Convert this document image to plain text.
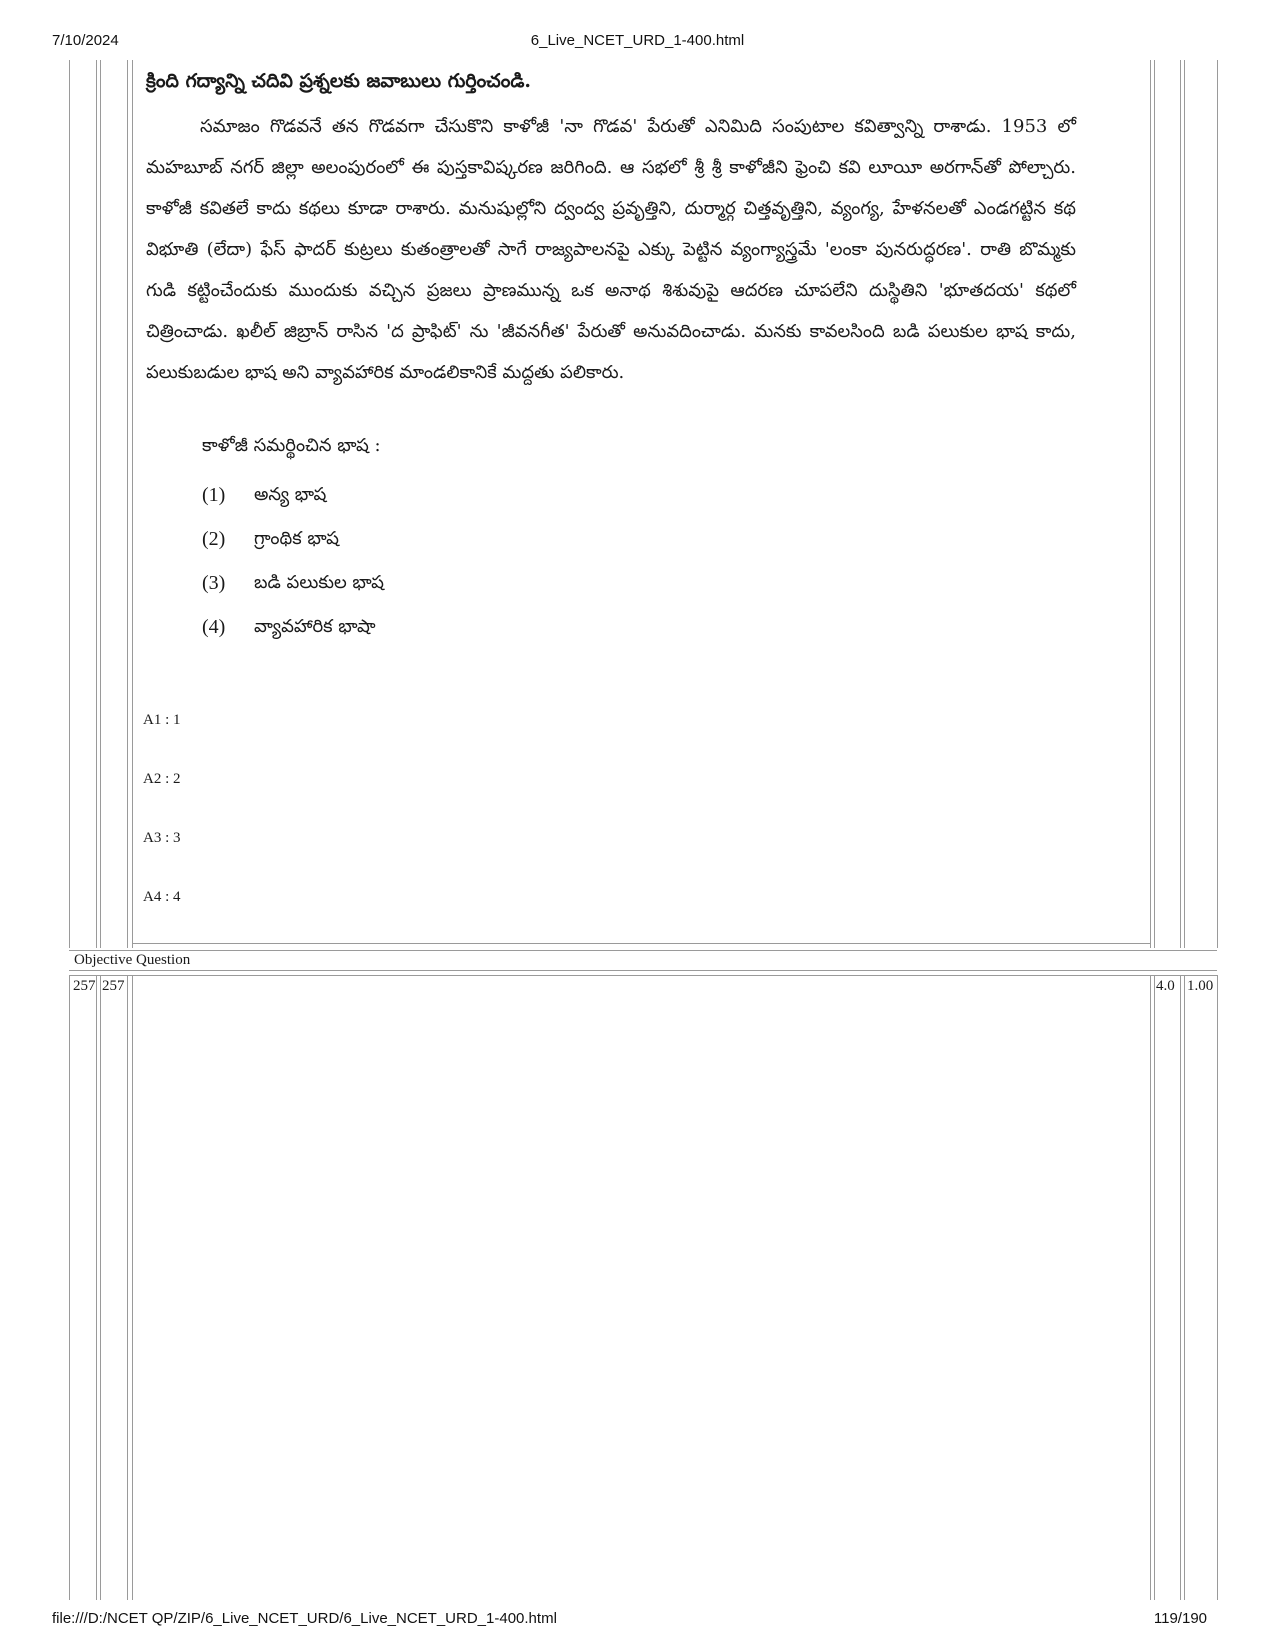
7/10/2024	6_Live_NCET_URD_1-400.html

క్రింది గద్యాన్ని చదివి ప్రశ్నలకు జవాబులు గుర్తించండి.

సమాజం గొడవనే తన గొడవగా చేసుకొని కాళోజీ 'నా గొడవ' పేరుతో ఎనిమిది సంపుటాల కవిత్వాన్ని రాశాడు. 1953 లో మహబూబ్ నగర్ జిల్లా అలంపురంలో ఈ పుస్తకావిష్కరణ జరిగింది. ఆ సభలో శ్రీ శ్రీ కాళోజీని ఫ్రెంచి కవి లూయీ అరగాన్‌తో పోల్చారు. కాళోజీ కవితలే కాదు కథలు కూడా రాశారు. మనుషుల్లోని ద్వంద్వ ప్రవృత్తిని, దుర్మార్గ చిత్తవృత్తిని, వ్యంగ్య, హేళనలతో ఎండగట్టిన కథ విభూతి (లేదా) ఫేస్ ఫాదర్ కుట్రలు కుతంత్రాలతో సాగే రాజ్యపాలనపై ఎక్కు పెట్టిన వ్యంగ్యాస్త్రమే 'లంకా పునరుద్ధరణ'. రాతి బొమ్మకు గుడి కట్టించేందుకు ముందుకు వచ్చిన ప్రజలు ప్రాణమున్న ఒక అనాథ శిశువుపై ఆదరణ చూపలేని దుస్థితిని 'భూతదయ' కథలో చిత్రించాడు. ఖలీల్ జిబ్రాన్ రాసిన 'ద ప్రాఫిట్' ను 'జీవనగీత' పేరుతో అనువదించాడు. మనకు కావలసింది బడి పలుకుల భాష కాదు, పలుకుబడుల భాష అని వ్యావహారిక మాండలికానికే మద్దతు పలికారు.

కాళోజీ సమర్థించిన భాష :
(1)	అన్య భాష
(2)	గ్రాంథిక భాష
(3)	బడి పలుకుల భాష
(4)	వ్యావహారిక భాషా
A1 : 1
A2 : 2
A3 : 3
A4 : 4
Objective Question
257 257	4.0 1.00
file:///D:/NCET QP/ZIP/6_Live_NCET_URD/6_Live_NCET_URD_1-400.html	119/190
